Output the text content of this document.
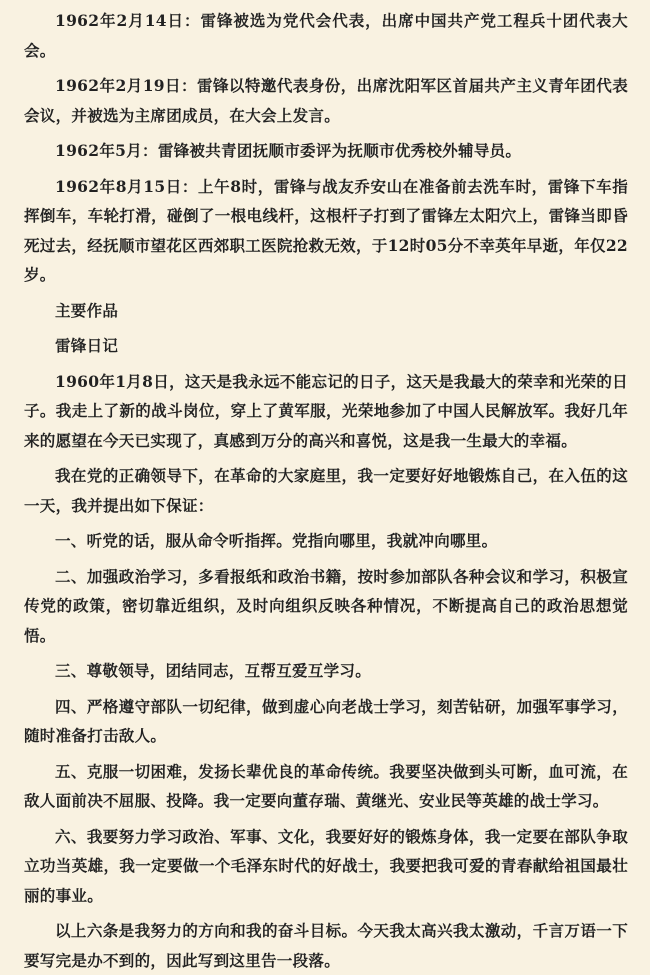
1962年2月14日：雷锋被选为党代会代表，出席中国共产党工程兵十团代表大会。

1962年2月19日：雷锋以特邀代表身份，出席沈阳军区首届共产主义青年团代表会议，并被选为主席团成员，在大会上发言。

1962年5月：雷锋被共青团抚顺市委评为抚顺市优秀校外辅导员。

1962年8月15日：上午8时，雷锋与战友乔安山在准备前去洗车时，雷锋下车指挥倒车，车轮打滑，碰倒了一根电线杆，这根杆子打到了雷锋左太阳穴上，雷锋当即昏死过去，经抚顺市望花区西郊职工医院抢救无效，于12时05分不幸英年早逝，年仅22岁。

主要作品

雷锋日记

1960年1月8日，这天是我永远不能忘记的日子，这天是我最大的荣幸和光荣的日子。我走上了新的战斗岗位，穿上了黄军服，光荣地参加了中国人民解放军。我好几年来的愿望在今天已实现了，真感到万分的高兴和喜悦，这是我一生最大的幸福。

我在党的正确领导下，在革命的大家庭里，我一定要好好地锻炼自己，在入伍的这一天，我并提出如下保证：

一、听党的话，服从命令听指挥。党指向哪里，我就冲向哪里。

二、加强政治学习，多看报纸和政治书籍，按时参加部队各种会议和学习，积极宣传党的政策，密切靠近组织，及时向组织反映各种情况，不断提高自己的政治思想觉悟。

三、尊敬领导，团结同志，互帮互爱互学习。

四、严格遵守部队一切纪律，做到虚心向老战士学习，刻苦钻研，加强军事学习，随时准备打击敌人。

五、克服一切困难，发扬长辈优良的革命传统。我要坚决做到头可断，血可流，在敌人面前决不屈服、投降。我一定要向董存瑞、黄继光、安业民等英雄的战士学习。

六、我要努力学习政治、军事、文化，我要好好的锻炼身体，我一定要在部队争取立功当英雄，我一定要做一个毛泽东时代的好战士，我要把我可爱的青春献给祖国最壮丽的事业。

以上六条是我努力的方向和我的奋斗目标。今天我太高兴我太激动，千言万语一下要写完是办不到的，因此写到这里告一段落。
